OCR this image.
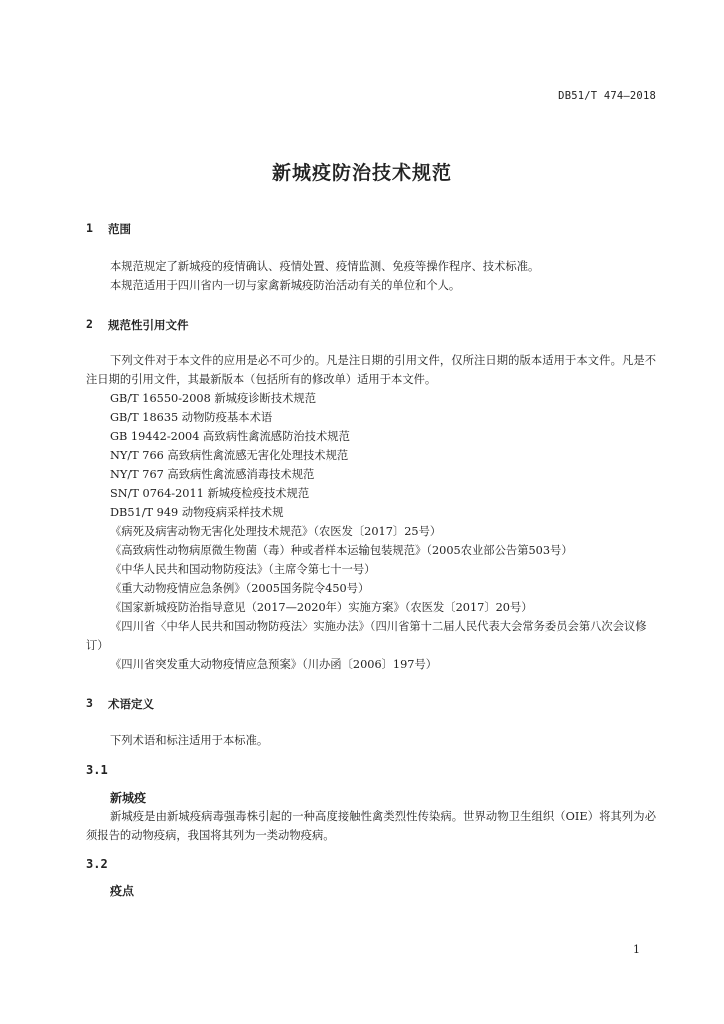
DB51/T 474—2018
新城疫防治技术规范
1 范围

本规范规定了新城疫的疫情确认、疫情处置、疫情监测、免疫等操作程序、技术标准。

本规范适用于四川省内一切与家禽新城疫防治活动有关的单位和个人。

2 规范性引用文件

下列文件对于本文件的应用是必不可少的。凡是注日期的引用文件，仅所注日期的版本适用于本文件。凡是不注日期的引用文件，其最新版本（包括所有的修改单）适用于本文件。

GB/T 16550-2008 新城疫诊断技术规范
GB/T 18635 动物防疫基本术语
GB 19442-2004 高致病性禽流感防治技术规范
NY/T 766 高致病性禽流感无害化处理技术规范
NY/T 767 高致病性禽流感消毒技术规范
SN/T 0764-2011 新城疫检疫技术规范
DB51/T 949 动物疫病采样技术规
《病死及病害动物无害化处理技术规范》（农医发〔2017〕25号）
《高致病性动物病原微生物菌（毒）种或者样本运输包装规范》（2005农业部公告第503号）
《中华人民共和国动物防疫法》（主席令第七十一号）
《重大动物疫情应急条例》（2005国务院令450号）
《国家新城疫防治指导意见（2017—2020年）实施方案》（农医发〔2017〕20号）

《四川省〈中华人民共和国动物防疫法〉实施办法》（四川省第十二届人民代表大会常务委员会第八次会议修订）

《四川省突发重大动物疫情应急预案》（川办函〔2006〕197号）

3 术语定义

下列术语和标注适用于本标准。

3.1
新城疫

新城疫是由新城疫病毒强毒株引起的一种高度接触性禽类烈性传染病。世界动物卫生组织（OIE）将其列为必须报告的动物疫病，我国将其列为一类动物疫病。

3.2
疫点
1
